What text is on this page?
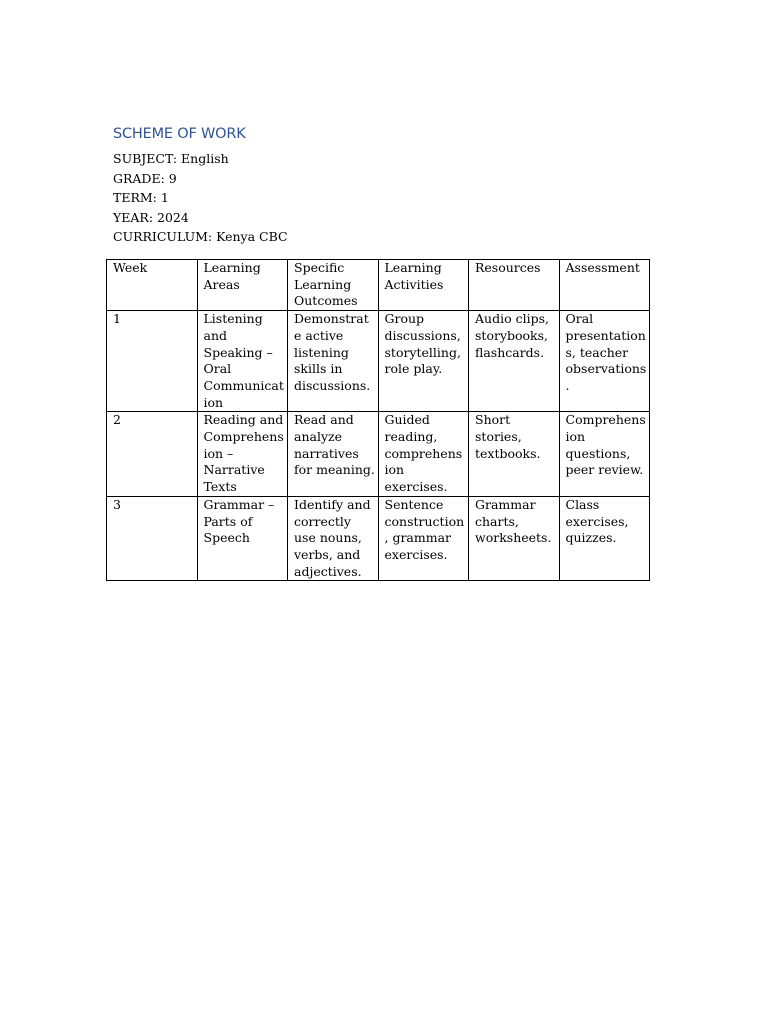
SCHEME OF WORK
SUBJECT: English
GRADE: 9
TERM: 1
YEAR: 2024
CURRICULUM: Kenya CBC
Week	Learning Areas	Specific Learning Outcomes	Learning Activities	Resources	Assessment

1	Listening and Speaking – Oral Communication	Demonstrate active listening skills in discussions.	Group discussions, storytelling, role play.	Audio clips, storybooks, flashcards.	Oral presentations, teacher observations.

2	Reading and Comprehension – Narrative Texts	Read and analyze narratives for meaning.	Guided reading, comprehension exercises.	Short stories, textbooks.	Comprehension questions, peer review.

3	Grammar – Parts of Speech	Identify and correctly use nouns, verbs, and adjectives.	Sentence construction, grammar exercises.	Grammar charts, worksheets.	Class exercises, quizzes.
